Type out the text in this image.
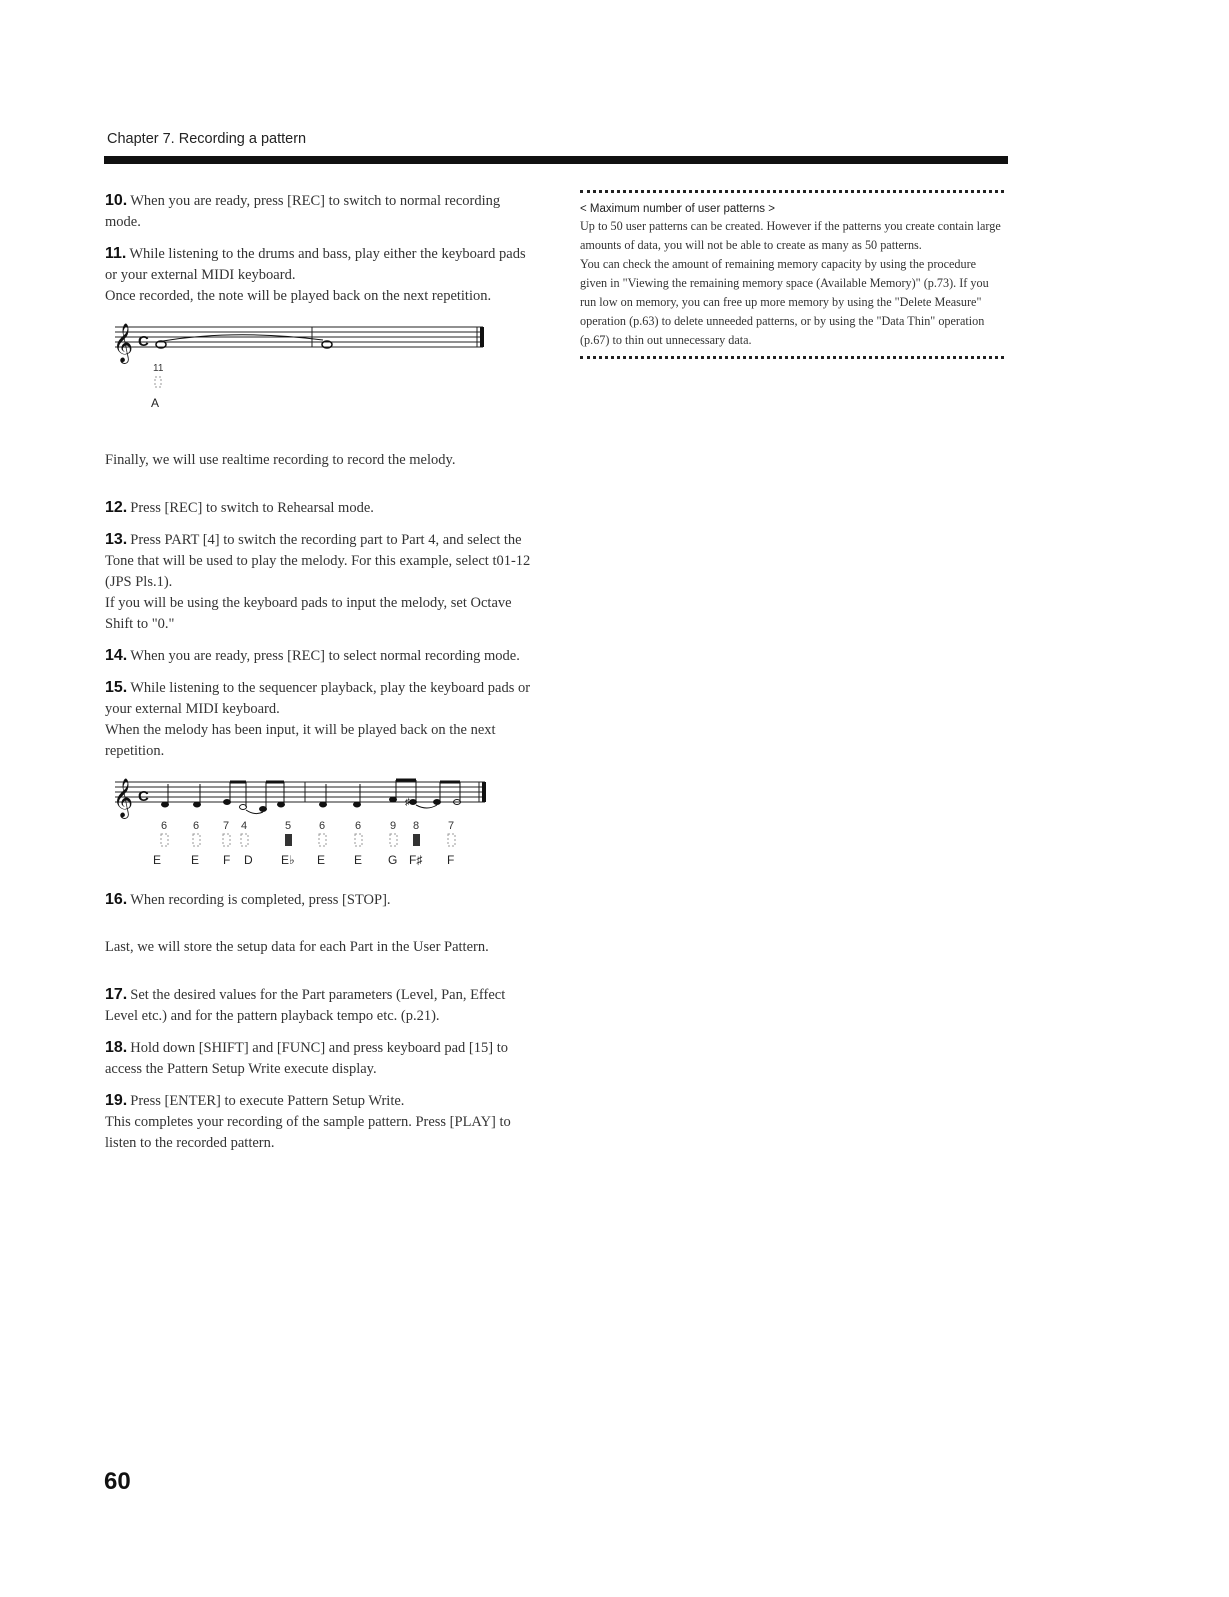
Chapter 7. Recording a pattern

10. When you are ready, press [REC] to switch to normal recording mode.

11. While listening to the drums and bass, play either the keyboard pads or your external MIDI keyboard.

Once recorded, the note will be played back on the next repetition.

𝄞 C
11
A

Finally, we will use realtime recording to record the melody.

12. Press [REC] to switch to Rehearsal mode.

13. Press PART [4] to switch the recording part to Part 4, and select the Tone that will be used to play the melody. For this example, select t01-12 (JPS Pls.1).

If you will be using the keyboard pads to input the melody, set Octave Shift to "0."

14. When you are ready, press [REC] to select normal recording mode.

15. While listening to the sequencer playback, play the keyboard pads or your external MIDI keyboard.

When the melody has been input, it will be played back on the next repetition.

𝄞 C	♯
6 6 7 4	5	6	6	9 8	7
E E F D E♭ E E G F♯ F

16. When recording is completed, press [STOP].

Last, we will store the setup data for each Part in the User Pattern.

17. Set the desired values for the Part parameters (Level, Pan, Effect Level etc.) and for the pattern playback tempo etc. (p.21).

18. Hold down [SHIFT] and [FUNC] and press keyboard pad [15] to access the Pattern Setup Write execute display.

19. Press [ENTER] to execute Pattern Setup Write.

This completes your recording of the sample pattern. Press [PLAY] to listen to the recorded pattern.

< Maximum number of user patterns >

Up to 50 user patterns can be created. However if the patterns you create contain large amounts of data, you will not be able to create as many as 50 patterns.

You can check the amount of remaining memory capacity by using the procedure given in "Viewing the remaining memory space (Available Memory)" (p.73). If you run low on memory, you can free up more memory by using the "Delete Measure" operation (p.63) to delete unneeded patterns, or by using the "Data Thin" operation (p.67) to thin out unnecessary data.

60
